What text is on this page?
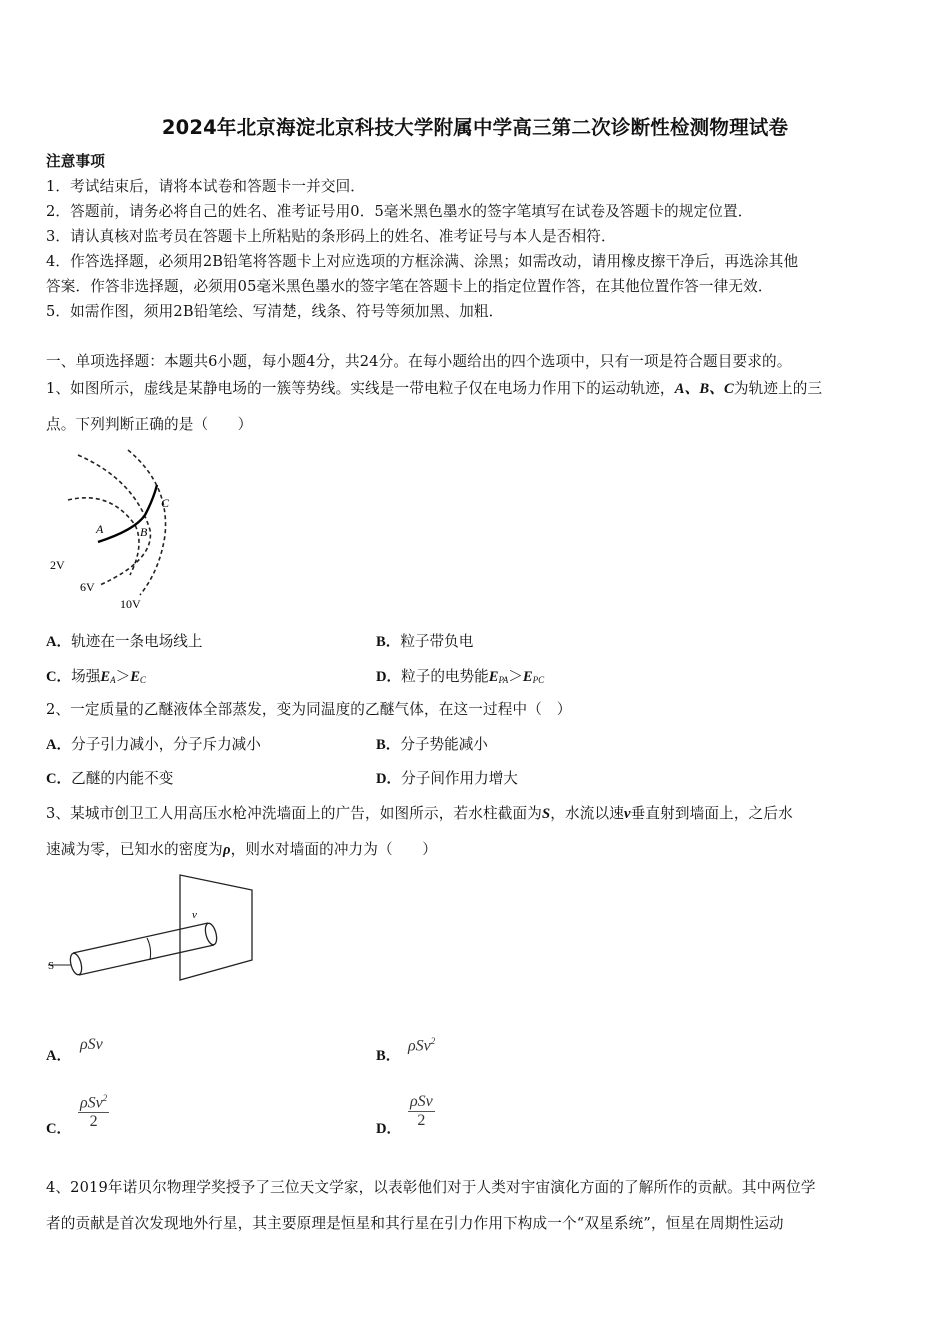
2024年北京海淀北京科技大学附属中学高三第二次诊断性检测物理试卷
注意事项
1．考试结束后，请将本试卷和答题卡一并交回．
2．答题前，请务必将自己的姓名、准考证号用0．5毫米黑色墨水的签字笔填写在试卷及答题卡的规定位置．
3．请认真核对监考员在答题卡上所粘贴的条形码上的姓名、准考证号与本人是否相符．
4．作答选择题，必须用2B铅笔将答题卡上对应选项的方框涂满、涂黑；如需改动，请用橡皮擦干净后，再选涂其他
答案．作答非选择题，必须用05毫米黑色墨水的签字笔在答题卡上的指定位置作答，在其他位置作答一律无效．
5．如需作图，须用2B铅笔绘、写清楚，线条、符号等须加黑、加粗．
一、单项选择题：本题共6小题，每小题4分，共24分。在每小题给出的四个选项中，只有一项是符合题目要求的。
1、如图所示，虚线是某静电场的一簇等势线。实线是一带电粒子仅在电场力作用下的运动轨迹，A、B、C为轨迹上的三
点。下列判断正确的是（　　）
A	B
C
2V
6V
10V
A．轨迹在一条电场线上	B．粒子带负电
C．场强$E_A>E_C$	D．粒子的电势能$E_{PA}>E_{PC}$
2、一定质量的乙醚液体全部蒸发，变为同温度的乙醚气体，在这一过程中（　）
A．分子引力减小，分子斥力减小	B．分子势能减小
C．乙醚的内能不变	D．分子间作用力增大
3、某城市创卫工人用高压水枪冲洗墙面上的广告，如图所示，若水柱截面为S，水流以速v垂直射到墙面上，之后水
速减为零，已知水的密度为ρ，则水对墙面的冲力为（　　）
S
v
A．
ρSv
B．
ρSv$^2$
C． $\frac{\rho Sv^2}{2}$	D． $\frac{\text{ρSv}}{2}$
4、2019年诺贝尔物理学奖授予了三位天文学家，以表彰他们对于人类对宇宙演化方面的了解所作的贡献。其中两位学
者的贡献是首次发现地外行星，其主要原理是恒星和其行星在引力作用下构成一个“双星系统”，恒星在周期性运动
